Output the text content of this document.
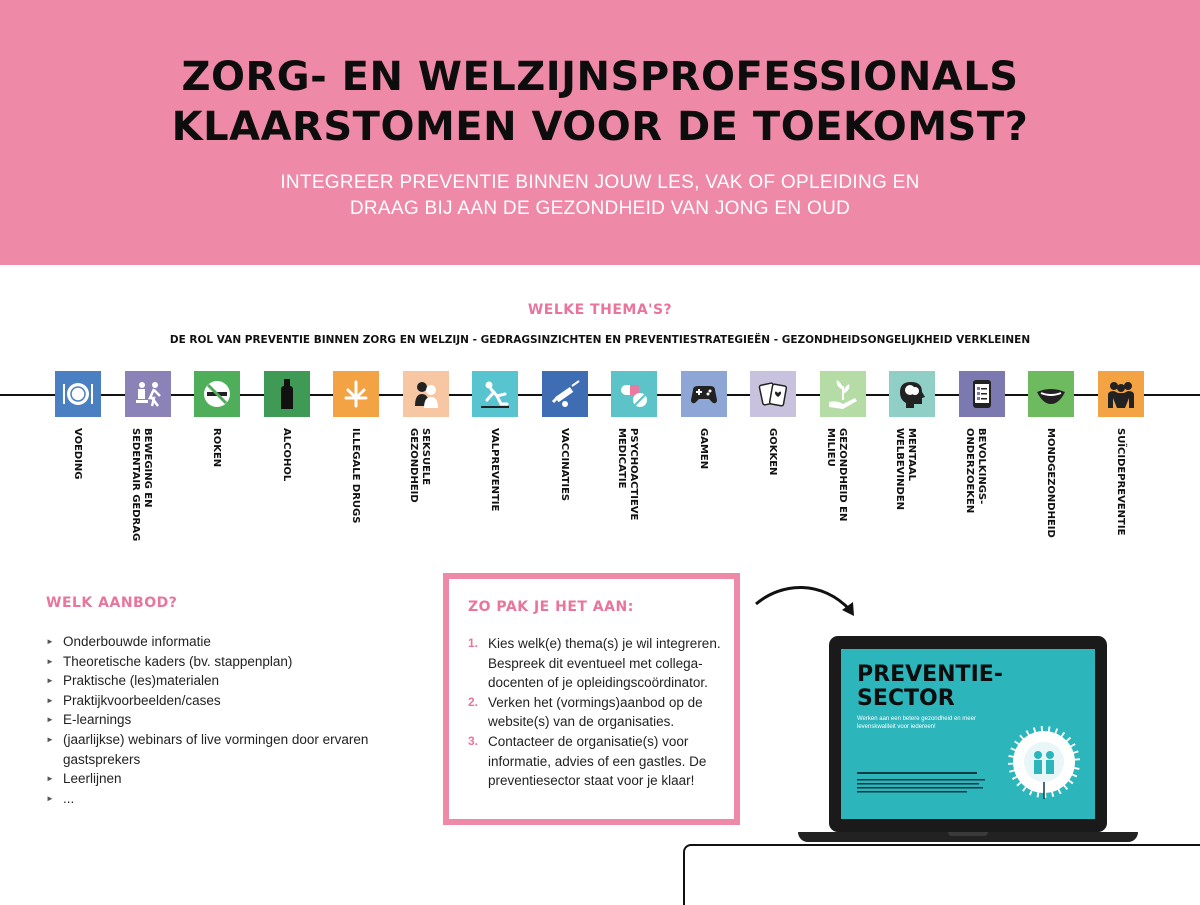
ZORG- EN WELZIJNSPROFESSIONALS
KLAARSTOMEN VOOR DE TOEKOMST?
INTEGREER PREVENTIE BINNEN JOUW LES, VAK OF OPLEIDING EN
DRAAG BIJ AAN DE GEZONDHEID VAN JONG EN OUD
WELKE THEMA'S?
DE ROL VAN PREVENTIE BINNEN ZORG EN WELZIJN - GEDRAGSINZICHTEN EN PREVENTIESTRATEGIEËN - GEZONDHEIDSONGELIJKHEID VERKLEINEN
VOEDING	BEWEGING EN
SEDENTAIR GEDRAG
ROKEN	ALCOHOL	ILLEGALE DRUGS	SEKSUELE
GEZONDHEID	VALPREVENTIE	VACCINATIES	PSYCHOACTIEVE
MEDICATIE	GAMEN	GOKKEN	GEZONDHEID EN
MILIEU	MENTAAL
WELBEVINDEN	BEVOLKINGS-
ONDERZOEKEN	MONDGEZONDHEID	SUÏCIDEPREVENTIE
WELK AANBOD?
► Onderbouwde informatie
► Theoretische kaders (bv. stappenplan)
► Praktische (les)materialen
► Praktijkvoorbeelden/cases
► E-learnings
► (jaarlijkse) webinars of live vormingen door ervaren gastsprekers
► Leerlijnen
► ...
ZO PAK JE HET AAN:
1. Kies welk(e) thema(s) je wil integreren. Bespreek dit eventueel met collega-docenten of je opleidingscoördinator.
2. Verken het (vormings)aanbod op de website(s) van de organisaties.
3. Contacteer de organisatie(s) voor informatie, advies of een gastles. De preventiesector staat voor je klaar!
PREVENTIE-
SECTOR
Werken aan een betere gezondheid en meer levenskwaliteit voor iedereen!
